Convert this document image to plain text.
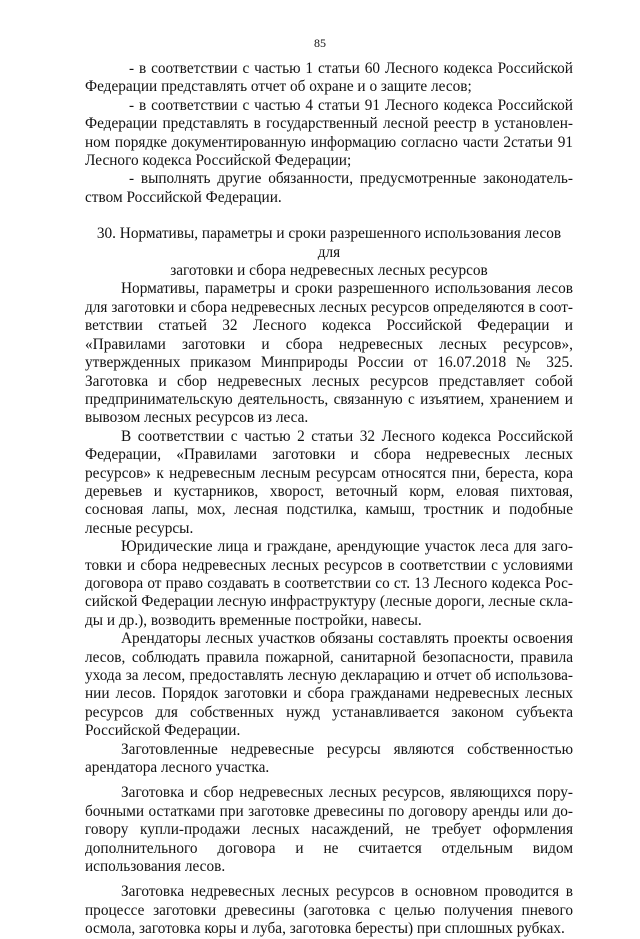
85

- в соответствии с частью 1 статьи 60 Лесного кодекса Российской Федерации представлять отчет об охране и о защите лесов;

- в соответствии с частью 4 статьи 91 Лесного кодекса Российской Федерации представлять в государственный лесной реестр в установленном порядке документированную информацию согласно части 2статьи 91 Лесного кодекса Российской Федерации;

- выполнять другие обязанности, предусмотренные законодательством Российской Федерации.

30. Нормативы, параметры и сроки разрешенного использования лесов для
заготовки и сбора недревесных лесных ресурсов

Нормативы, параметры и сроки разрешенного использования лесов для заготовки и сбора недревесных лесных ресурсов определяются в соответствии статьей 32 Лесного кодекса Российской Федерации и «Правилами заготовки и сбора недревесных лесных ресурсов», утвержденных приказом Минприроды России от 16.07.2018 № 325. Заготовка и сбор недревесных лесных ресурсов представляет собой предпринимательскую деятельность, связанную с изъятием, хранением и вывозом лесных ресурсов из леса.

В соответствии с частью 2 статьи 32 Лесного кодекса Российской Федерации, «Правилами заготовки и сбора недревесных лесных ресурсов» к недревесным лесным ресурсам относятся пни, береста, кора деревьев и кустарников, хворост, веточный корм, еловая пихтовая, сосновая лапы, мох, лесная подстилка, камыш, тростник и подобные лесные ресурсы.

Юридические лица и граждане, арендующие участок леса для заготовки и сбора недревесных лесных ресурсов в соответствии с условиями договора от право создавать в соответствии со ст. 13 Лесного кодекса Российской Федерации лесную инфраструктуру (лесные дороги, лесные склады и др.), возводить временные постройки, навесы.

Арендаторы лесных участков обязаны составлять проекты освоения лесов, соблюдать правила пожарной, санитарной безопасности, правила ухода за лесом, предоставлять лесную декларацию и отчет об использовании лесов. Порядок заготовки и сбора гражданами недревесных лесных ресурсов для собственных нужд устанавливается законом субъекта Российской Федерации.

Заготовленные недревесные ресурсы являются собственностью арендатора лесного участка.

Заготовка и сбор недревесных лесных ресурсов, являющихся порубочными остатками при заготовке древесины по договору аренды или договору купли-продажи лесных насаждений, не требует оформления дополнительного договора и не считается отдельным видом использования лесов.

Заготовка недревесных лесных ресурсов в основном проводится в процессе заготовки древесины (заготовка с целью получения пневого осмола, заготовка коры и луба, заготовка бересты) при сплошных рубках.
